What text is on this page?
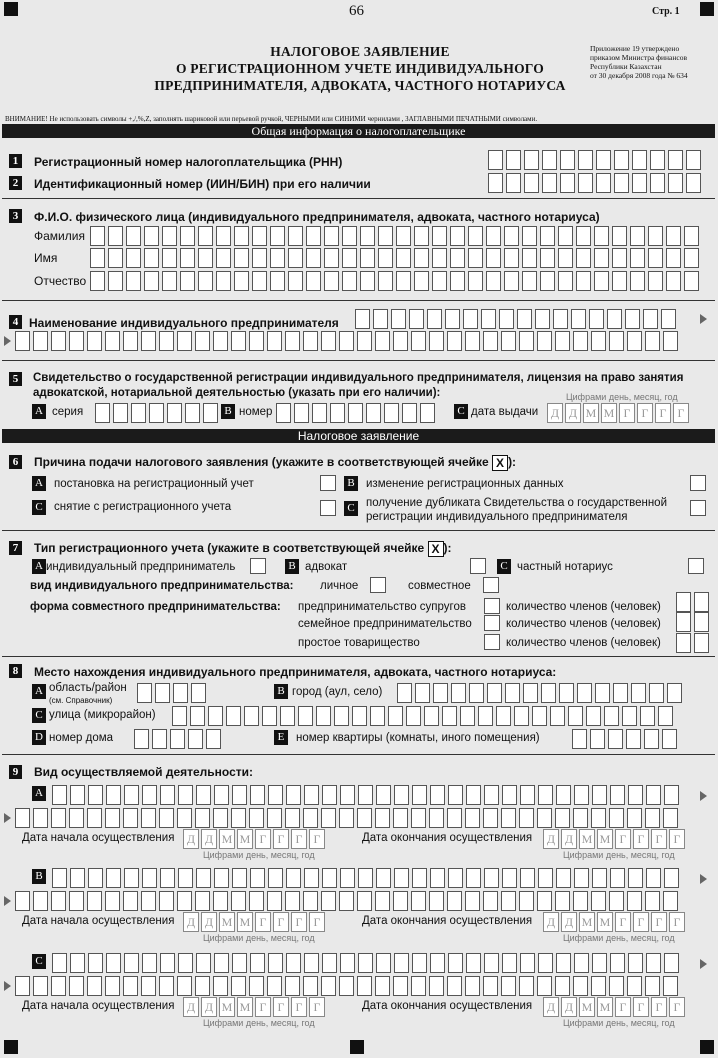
66	Стр. 1
НАЛОГОВОЕ ЗАЯВЛЕНИЕ
О РЕГИСТРАЦИОННОМ УЧЕТЕ ИНДИВИДУАЛЬНОГО
ПРЕДПРИНИМАТЕЛЯ, АДВОКАТА, ЧАСТНОГО НОТАРИУСА
Приложение 19 утверждено
приказом Министра финансов
Республики Казахстан
от 30 декабря 2008 года № 634
ВНИМАНИЕ! Не использовать символы +,/,%,Z, заполнять шариковой или перьевой ручкой, ЧЕРНЫМИ или СИНИМИ чернилами , ЗАГЛАВНЫМИ ПЕЧАТНЫМИ символами.
Общая информация о налогоплательщике
1	Регистрационный номер налогоплательщика (РНН)
2	Идентификационный номер (ИИН/БИН) при его наличии
3	Ф.И.О. физического лица (индивидуального предпринимателя, адвоката, частного нотариуса)
Фамилия
Имя
Отчество
4 Наименование индивидуального предпринимателя
5	Свидетельство о государственной регистрации индивидуального предпринимателя, лицензия на право занятия
адвокатской, нотариальной деятельностью (указать при его наличии):	Цифрами день, месяц, год
A серия	B номер	C дата выдачи	Д Д М М Г Г Г Г
Налоговое заявление
6	Причина подачи налогового заявления (укажите в соответствующей ячейке X ):
A постановка на регистрационный учет	B изменение регистрационных данных
C снятие с регистрационного учета	C получение дубликата Свидетельства о государственной
регистрации индивидуального предпринимателя
7	Тип регистрационного учета (укажите в соответствующей ячейке X ):
A индивидуальный предприниматель	B адвокат	C частный нотариус
вид индивидуального предпринимательства: личное	совместное
форма совместного предпринимательства: предпринимательство супругов	количество членов (человек)
семейное предпринимательство	количество членов (человек)
простое товарищество	количество членов (человек)
8	Место нахождения индивидуального предпринимателя, адвоката, частного нотариуса:
A область/район
(см. Справочник)
B город (аул, село)
C улица (микрорайон)
D номер дома	E	номер квартиры (комнаты, иного помещения)
9	Вид осуществляемой деятельности:
A
Дата начала осуществления	Д Д М М Г Г Г Г
Цифрами день, месяц, год
Дата окончания осуществления	Д Д М М Г Г Г Г
Цифрами день, месяц, год
B
Дата начала осуществления	Д Д М М Г Г Г Г
Цифрами день, месяц, год
Дата окончания осуществления	Д Д М М Г Г Г Г
Цифрами день, месяц, год
C
Дата начала осуществления	Д Д М М Г Г Г Г
Цифрами день, месяц, год
Дата окончания осуществления	Д Д М М Г Г Г Г
Цифрами день, месяц, год
